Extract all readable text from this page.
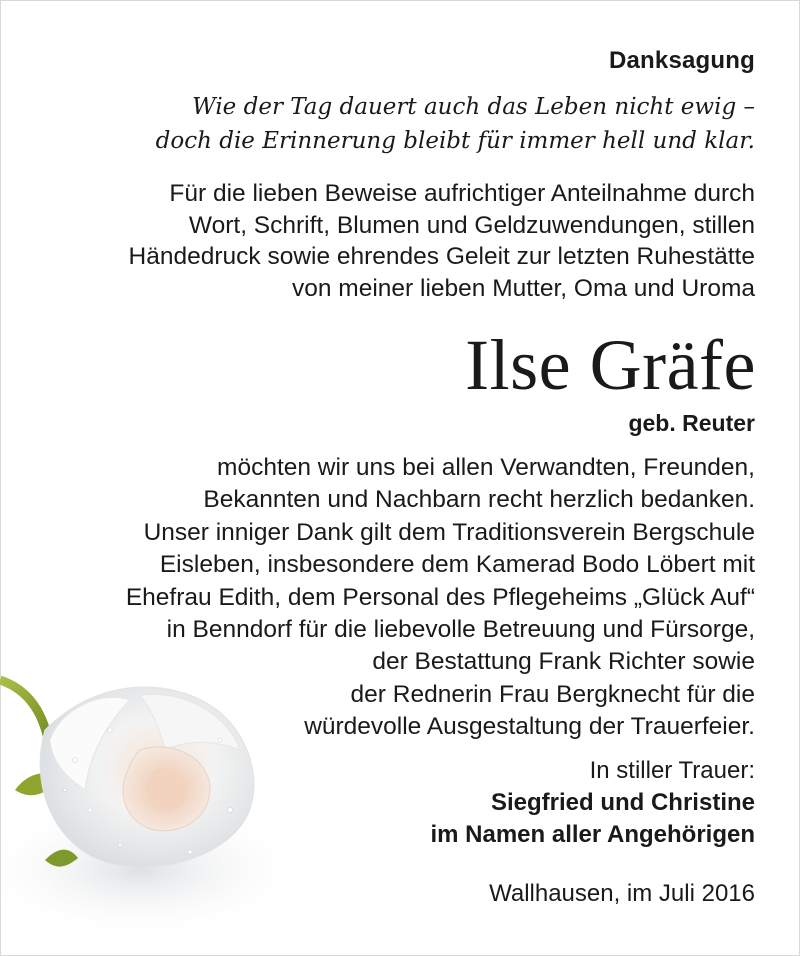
Danksagung
Wie der Tag dauert auch das Leben nicht ewig –
doch die Erinnerung bleibt für immer hell und klar.
Für die lieben Beweise aufrichtiger Anteilnahme durch
Wort, Schrift, Blumen und Geldzuwendungen, stillen
Händedruck sowie ehrendes Geleit zur letzten Ruhestätte
von meiner lieben Mutter, Oma und Uroma
Ilse Gräfe
geb. Reuter
möchten wir uns bei allen Verwandten, Freunden,
Bekannten und Nachbarn recht herzlich bedanken.
Unser inniger Dank gilt dem Traditionsverein Bergschule
Eisleben, insbesondere dem Kamerad Bodo Löbert mit
Ehefrau Edith, dem Personal des Pflegeheims „Glück Auf“
in Benndorf für die liebevolle Betreuung und Fürsorge,
der Bestattung Frank Richter sowie
der Rednerin Frau Bergknecht für die
würdevolle Ausgestaltung der Trauerfeier.
In stiller Trauer:
Siegfried und Christine
im Namen aller Angehörigen
Wallhausen, im Juli 2016
